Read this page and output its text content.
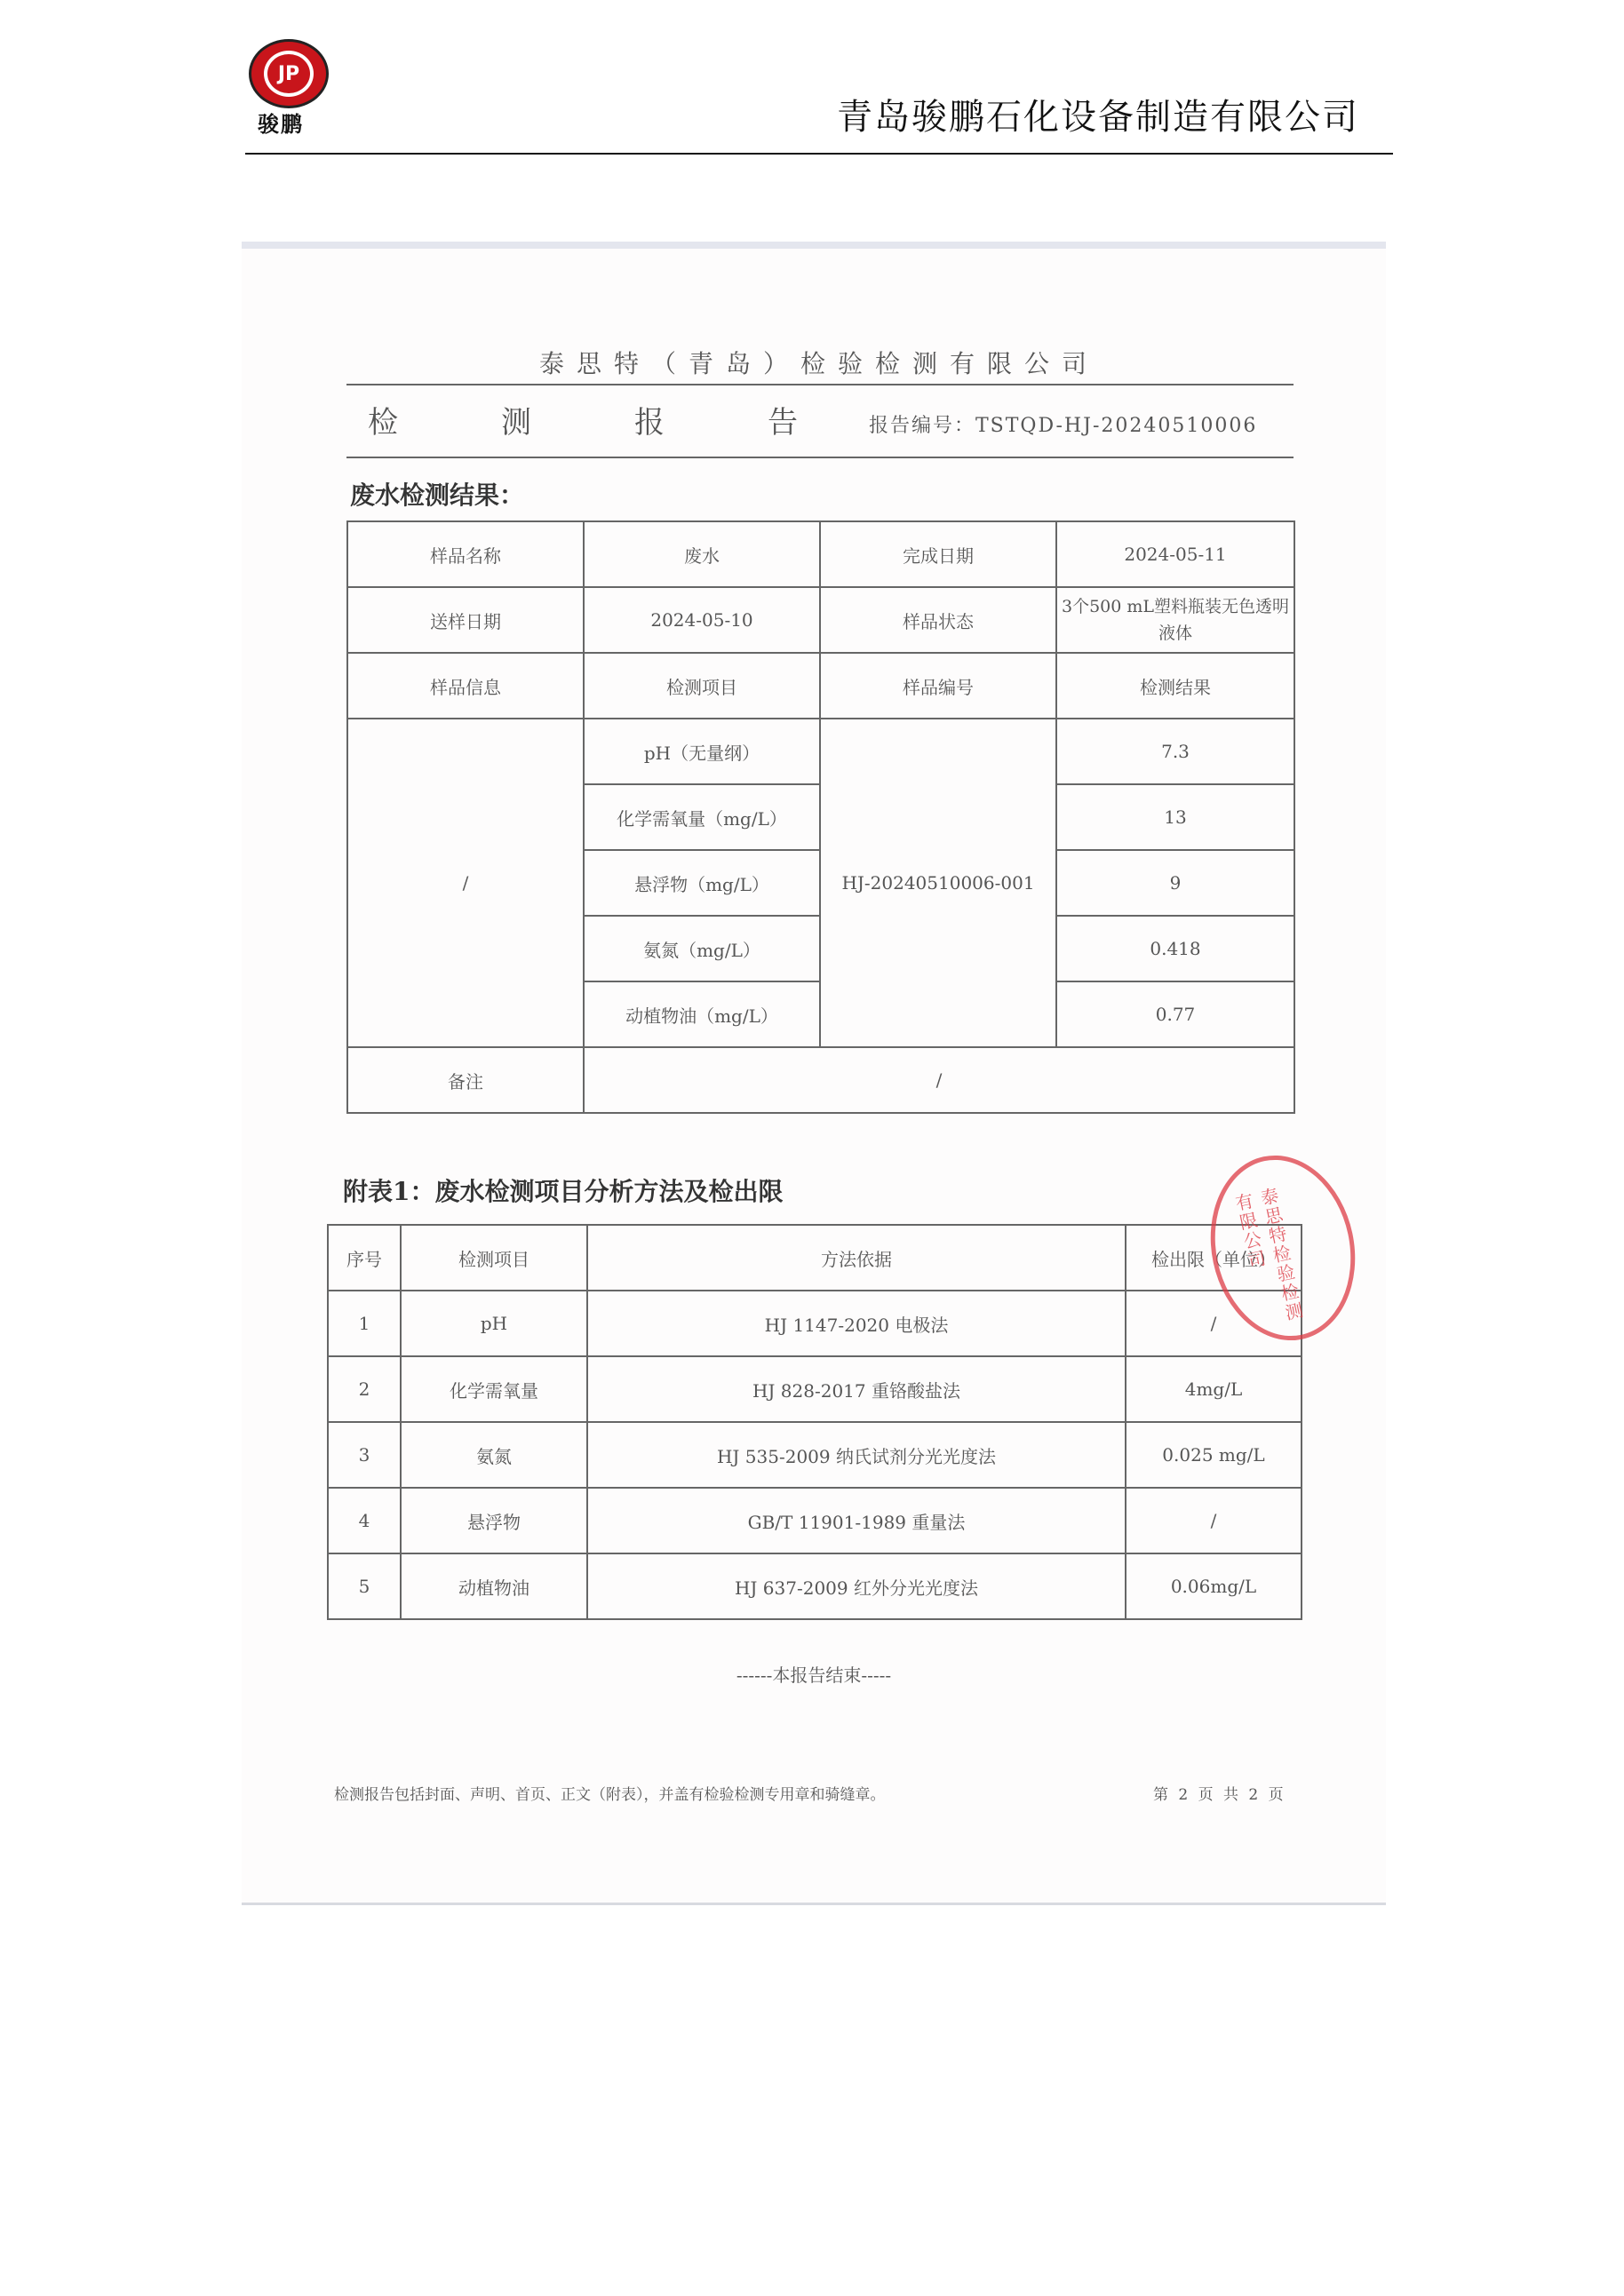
JP
骏鹏	青岛骏鹏石化设备制造有限公司
泰思特（青岛）检验检测有限公司
检	测	报	告	报告编号：TSTQD-HJ-20240510006
废水检测结果：
样品名称	废水	完成日期	2024-05-11
送样日期	2024-05-10	样品状态	3个500 mL塑料瓶装无色透明液体
样品信息	检测项目	样品编号	检测结果
/	pH（无量纲）	HJ-20240510006-001	7.3
	化学需氧量（mg/L）		13
	悬浮物（mg/L）		9
	氨氮（mg/L）		0.418
	动植物油（mg/L）		0.77
备注	/		
附表1：废水检测项目分析方法及检出限
序号	检测项目	方法依据	检出限（单位）
1	pH	HJ 1147-2020 电极法	/
2	化学需氧量	HJ 828-2017 重铬酸盐法	4mg/L
3	氨氮	HJ 535-2009 纳氏试剂分光光度法	0.025 mg/L
4	悬浮物	GB/T 11901-1989 重量法	/
5	动植物油	HJ 637-2009 红外分光光度法	0.06mg/L
泰思特检验检测有限公司
------本报告结束-----
检测报告包括封面、声明、首页、正文（附表），并盖有检验检测专用章和骑缝章。	第 2 页 共 2 页
